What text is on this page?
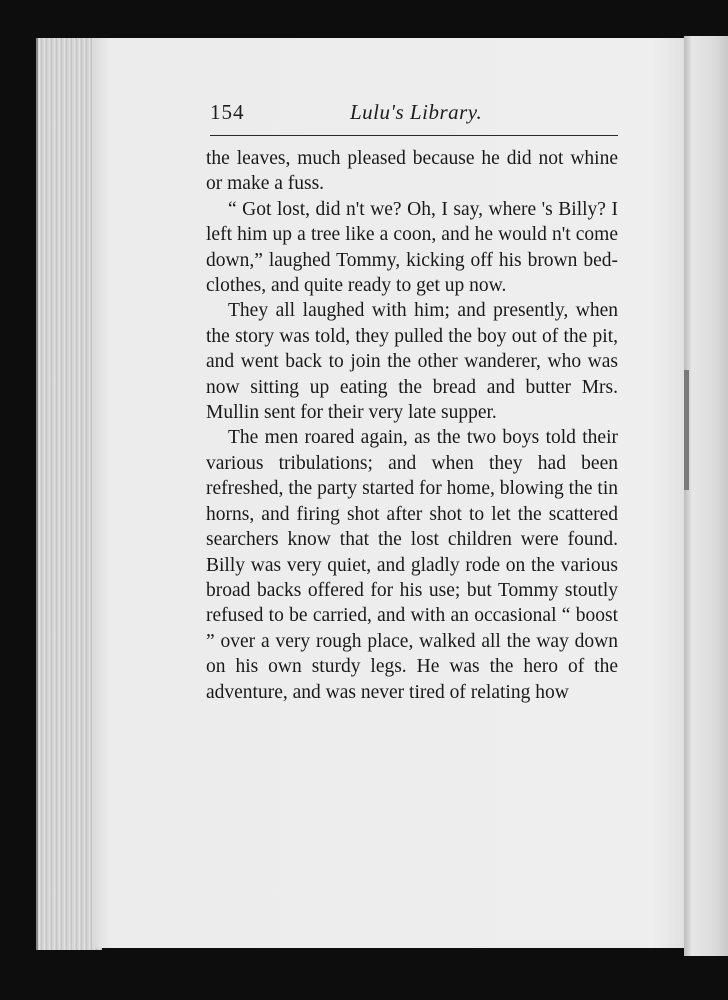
154	Lulu's Library.

the leaves, much pleased because he did not whine or make a fuss.

“ Got lost, did n't we? Oh, I say, where 's Billy? I left him up a tree like a coon, and he would n't come down,” laughed Tommy, kicking off his brown bed-clothes, and quite ready to get up now.

They all laughed with him; and presently, when the story was told, they pulled the boy out of the pit, and went back to join the other wanderer, who was now sitting up eating the bread and butter Mrs. Mullin sent for their very late supper.

The men roared again, as the two boys told their various tribulations; and when they had been refreshed, the party started for home, blowing the tin horns, and firing shot after shot to let the scattered searchers know that the lost children were found. Billy was very quiet, and gladly rode on the various broad backs offered for his use; but Tommy stoutly refused to be carried, and with an occasional “ boost ” over a very rough place, walked all the way down on his own sturdy legs. He was the hero of the adventure, and was never tired of relating how
